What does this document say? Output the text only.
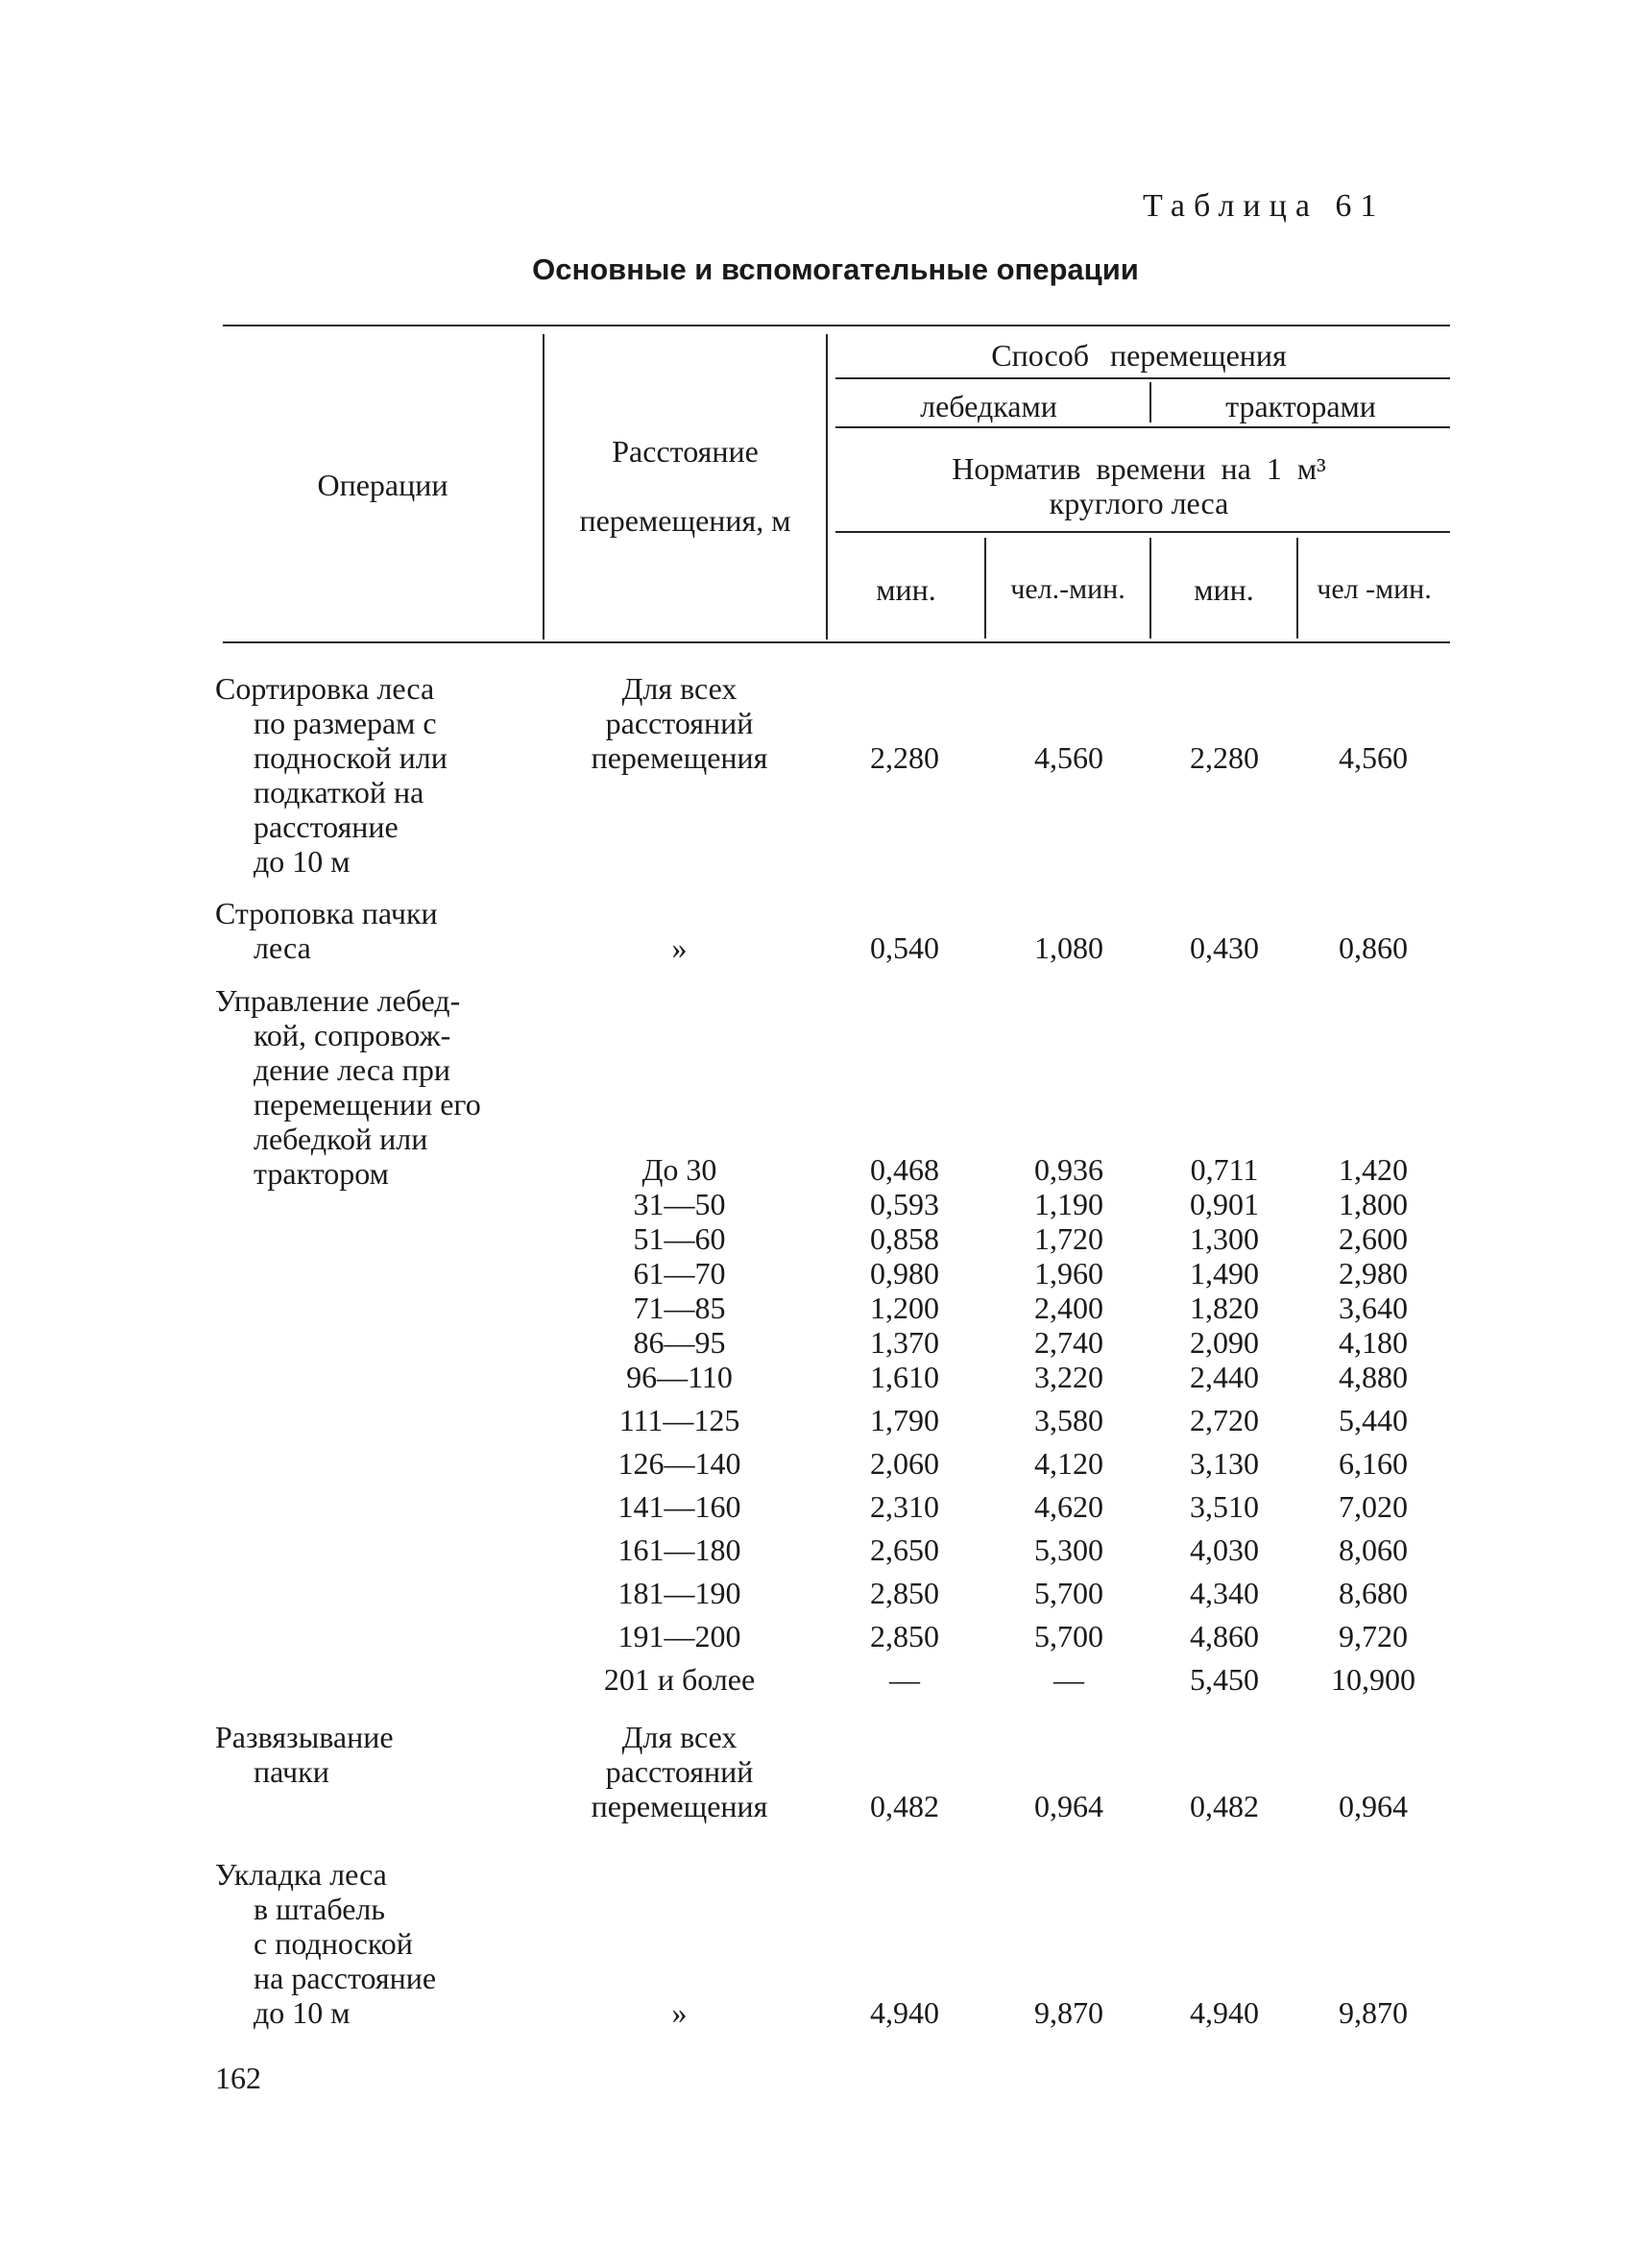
Таблица 61
Основные и вспомогательные операции
Операции
Расстояние
перемещения, м
Способ перемещения
лебедками	тракторами
Норматив времени на 1 м³
круглого леса
мин.	чел.-мин.	мин.	чел -мин.
Сортировка леса
по размерам с
подноской или
подкаткой на
расстояние
до 10 м
Для всех
расстояний
перемещения	2,280	4,560	2,280	4,560
Строповка пачки
леса	»	0,540	1,080	0,430	0,860
Управление лебед-
кой, сопровож-
дение леса при
перемещении его
лебедкой или
трактором	До 30	0,468	0,936	0,711	1,420
31—50	0,593	1,190	0,901	1,800
51—60	0,858	1,720	1,300	2,600
61—70	0,980	1,960	1,490	2,980
71—85	1,200	2,400	1,820	3,640
86—95	1,370	2,740	2,090	4,180
96—110	1,610	3,220	2,440	4,880
111—125	1,790	3,580	2,720	5,440
126—140	2,060	4,120	3,130	6,160
141—160	2,310	4,620	3,510	7,020
161—180	2,650	5,300	4,030	8,060
181—190	2,850	5,700	4,340	8,680
191—200	2,850	5,700	4,860	9,720
201 и более	—	—	5,450	10,900
Развязывание
пачки
Для всех
расстояний
перемещения	0,482	0,964	0,482	0,964
Укладка леса
в штабель
с подноской
на расстояние
до 10 м	»	4,940	9,870	4,940	9,870
162
